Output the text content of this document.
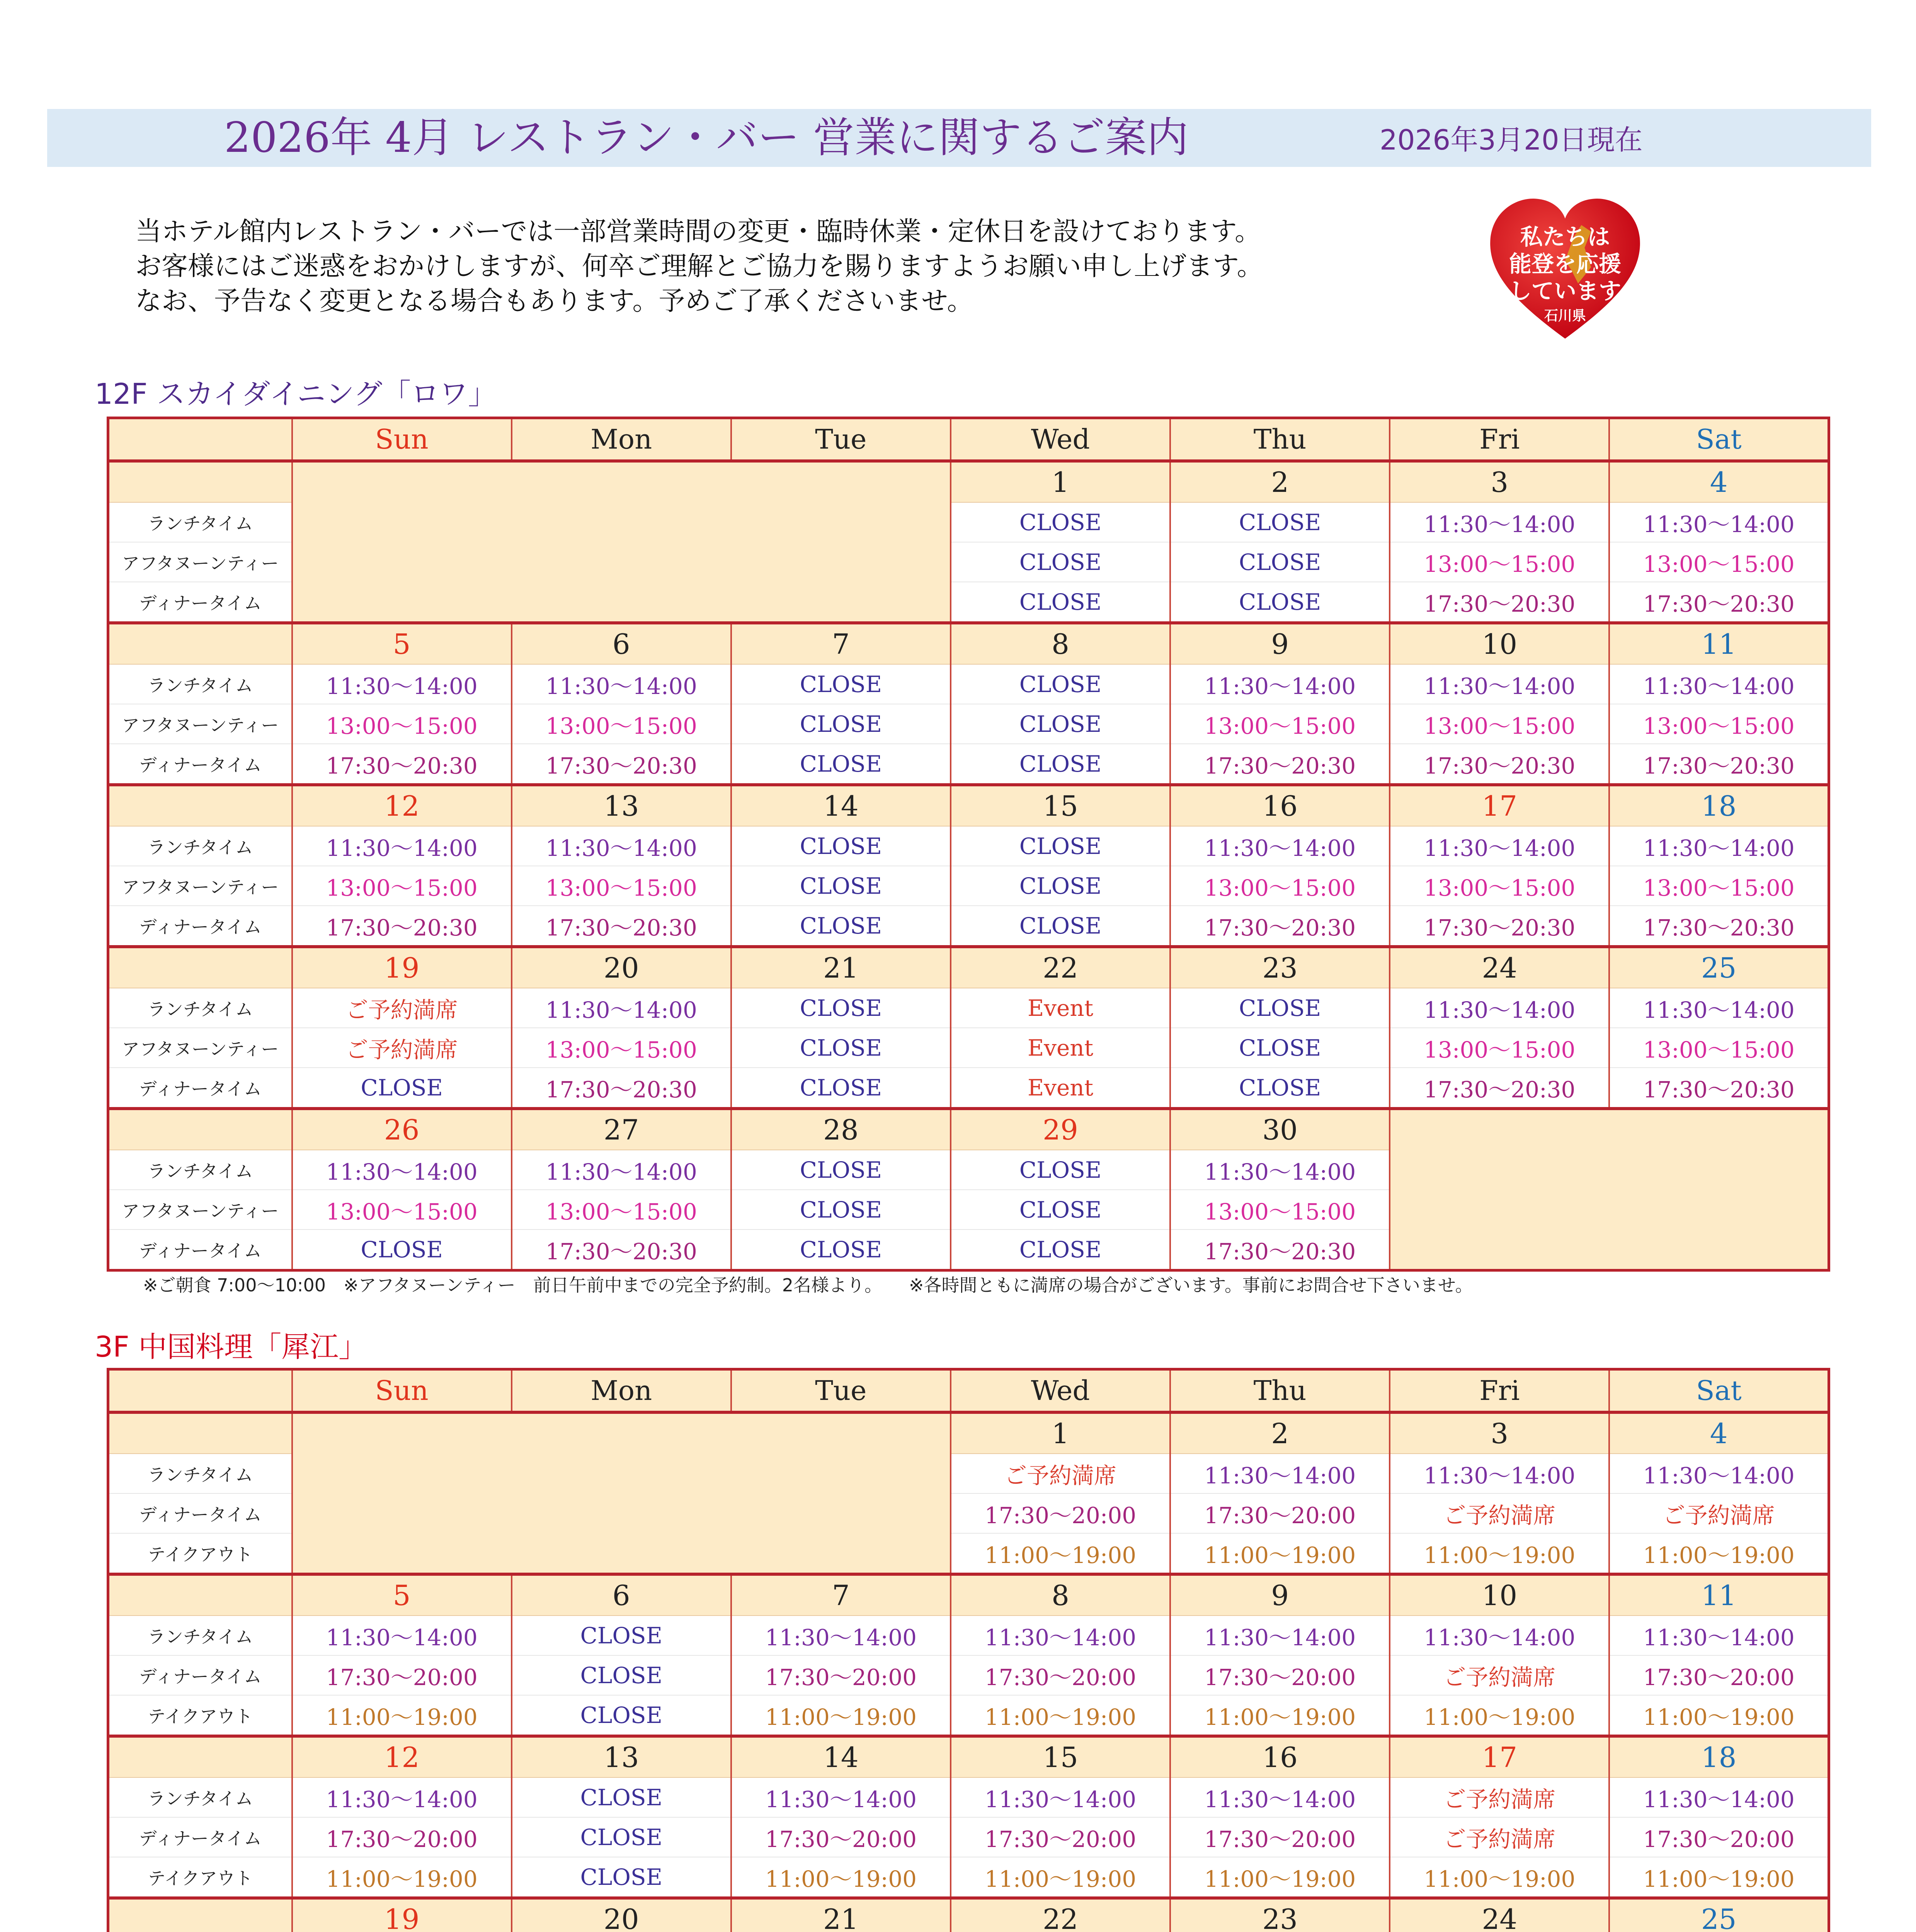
2026年 4月 レストラン・バー 営業に関するご案内	2026年3月20日現在
当ホテル館内レストラン・バーでは一部営業時間の変更・臨時休業・定休日を設けております。
お客様にはご迷惑をおかけしますが、何卒ご理解とご協力を賜りますようお願い申し上げます。
なお、予告なく変更となる場合もあります。予めご了承くださいませ。
私たちは
能登を応援
しています
石川県
12F スカイダイニング「ロワ」
	Sun	Mon	Tue	Wed	Thu	Fri	Sat
				1	2	3	4
ランチタイム				CLOSE	CLOSE	11:30～14:00	11:30～14:00
アフタヌーンティー				CLOSE	CLOSE	13:00～15:00	13:00～15:00
ディナータイム				CLOSE	CLOSE	17:30～20:30	17:30～20:30
	5	6	7	8	9	10	11
ランチタイム	11:30～14:00	11:30～14:00	CLOSE	CLOSE	11:30～14:00	11:30～14:00	11:30～14:00
アフタヌーンティー	13:00～15:00	13:00～15:00	CLOSE	CLOSE	13:00～15:00	13:00～15:00	13:00～15:00
ディナータイム	17:30～20:30	17:30～20:30	CLOSE	CLOSE	17:30～20:30	17:30～20:30	17:30～20:30
	12	13	14	15	16	17	18
ランチタイム	11:30～14:00	11:30～14:00	CLOSE	CLOSE	11:30～14:00	11:30～14:00	11:30～14:00
アフタヌーンティー	13:00～15:00	13:00～15:00	CLOSE	CLOSE	13:00～15:00	13:00～15:00	13:00～15:00
ディナータイム	17:30～20:30	17:30～20:30	CLOSE	CLOSE	17:30～20:30	17:30～20:30	17:30～20:30
	19	20	21	22	23	24	25
ランチタイム	ご予約満席	11:30～14:00	CLOSE	Event	CLOSE	11:30～14:00	11:30～14:00
アフタヌーンティー	ご予約満席	13:00～15:00	CLOSE	Event	CLOSE	13:00～15:00	13:00～15:00
ディナータイム	CLOSE	17:30～20:30	CLOSE	Event	CLOSE	17:30～20:30	17:30～20:30
	26	27	28	29	30		
ランチタイム	11:30～14:00	11:30～14:00	CLOSE	CLOSE	11:30～14:00		
アフタヌーンティー	13:00～15:00	13:00～15:00	CLOSE	CLOSE	13:00～15:00		
ディナータイム	CLOSE	17:30～20:30	CLOSE	CLOSE	17:30～20:30		
※ご朝食 7:00～10:00　※アフタヌーンティー　前日午前中までの完全予約制。2名様より。　　※各時間ともに満席の場合がございます。事前にお問合せ下さいませ。
3F 中国料理「犀江」
	Sun	Mon	Tue	Wed	Thu	Fri	Sat
				1	2	3	4
ランチタイム				ご予約満席	11:30～14:00	11:30～14:00	11:30～14:00
ディナータイム				17:30～20:00	17:30～20:00	ご予約満席	ご予約満席
テイクアウト				11:00～19:00	11:00～19:00	11:00～19:00	11:00～19:00
	5	6	7	8	9	10	11
ランチタイム	11:30～14:00	CLOSE	11:30～14:00	11:30～14:00	11:30～14:00	11:30～14:00	11:30～14:00
ディナータイム	17:30～20:00	CLOSE	17:30～20:00	17:30～20:00	17:30～20:00	ご予約満席	17:30～20:00
テイクアウト	11:00～19:00	CLOSE	11:00～19:00	11:00～19:00	11:00～19:00	11:00～19:00	11:00～19:00
	12	13	14	15	16	17	18
ランチタイム	11:30～14:00	CLOSE	11:30～14:00	11:30～14:00	11:30～14:00	ご予約満席	11:30～14:00
ディナータイム	17:30～20:00	CLOSE	17:30～20:00	17:30～20:00	17:30～20:00	ご予約満席	17:30～20:00
テイクアウト	11:00～19:00	CLOSE	11:00～19:00	11:00～19:00	11:00～19:00	11:00～19:00	11:00～19:00
	19	20	21	22	23	24	25
